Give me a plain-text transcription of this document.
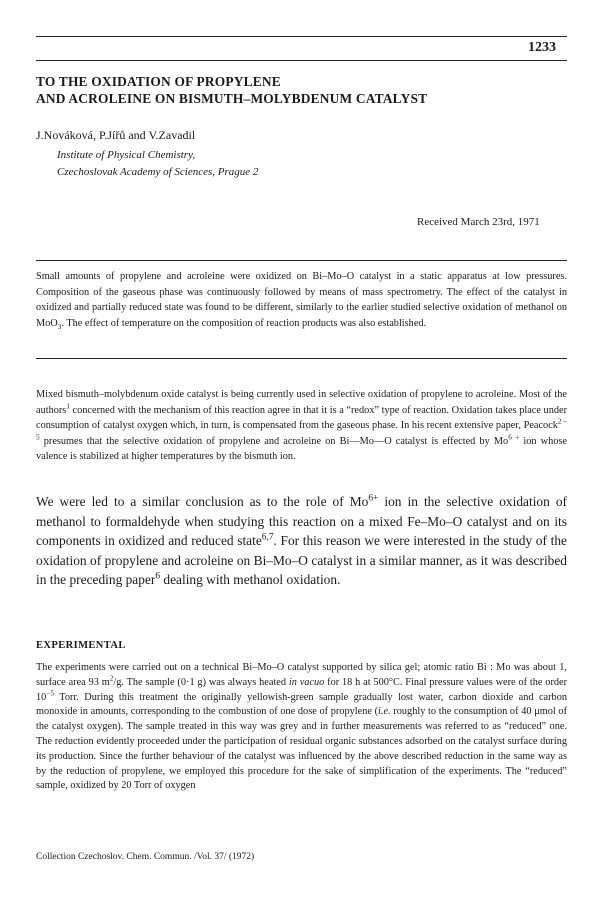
1233
TO THE OXIDATION OF PROPYLENE
AND ACROLEINE ON BISMUTH–MOLYBDENUM CATALYST
J.Nováková, P.Jířů and V.Zavadil
Institute of Physical Chemistry,
Czechoslovak Academy of Sciences, Prague 2
Received March 23rd, 1971

Small amounts of propylene and acroleine were oxidized on Bi–Mo–O catalyst in a static apparatus at low pressures. Composition of the gaseous phase was continuously followed by means of mass spectrometry. The effect of the catalyst in oxidized and partially reduced state was found to be different, similarly to the earlier studied selective oxidation of methanol on MoO$_3$. The effect of temperature on the composition of reaction products was also established.

Mixed bismuth–molybdenum oxide catalyst is being currently used in selective oxidation of propylene to acroleine. Most of the authors$^1$ concerned with the mechanism of this reaction agree in that it is a “redox” type of reaction. Oxidation takes place under consumption of catalyst oxygen which, in turn, is compensated from the gaseous phase. In his recent extensive paper, Peacock$^{2 - 5}$ presumes that the selective oxidation of propylene and acroleine on Bi—Mo—O catalyst is effected by $Mo^{6 +}$ ion whose valence is stabilized at higher temperatures by the bismuth ion.

We were led to a similar conclusion as to the role of $Mo^{6+}$ ion in the selective oxidation of methanol to formaldehyde when studying this reaction on a mixed Fe–Mo–O catalyst and on its components in oxidized and reduced state$^{6,7}$. For this reason we were interested in the study of the oxidation of propylene and acroleine on Bi–Mo–O catalyst in a similar manner, as it was described in the preceding paper$^6$ dealing with methanol oxidation.

EXPERIMENTAL

The experiments were carried out on a technical Bi–Mo–O catalyst supported by silica gel; atomic ratio Bi : Mo was about 1, surface area 93 $m^2/g$. The sample (0·1 g) was always heated in vacuo for 18 h at 500°C. Final pressure values were of the order $10^{-5}$ Torr. During this treatment the originally yellowish-green sample gradually lost water, carbon dioxide and carbon monoxide in amounts, corresponding to the combustion of one dose of propylene (i.e. roughly to the consumption of 40 μmol of the catalyst oxygen). The sample treated in this way was grey and in further measurements was referred to as “reduced” one. The reduction evidently proceeded under the participation of residual organic substances adsorbed on the catalyst surface during its production. Since the further behaviour of the catalyst was influenced by the above described reduction in the same way as by the reduction of propylene, we employed this procedure for the sake of simplification of the experiments. The “reduced” sample, oxidized by 20 Torr of oxygen

Collection Czechoslov. Chem. Commun. /Vol. 37/ (1972)
